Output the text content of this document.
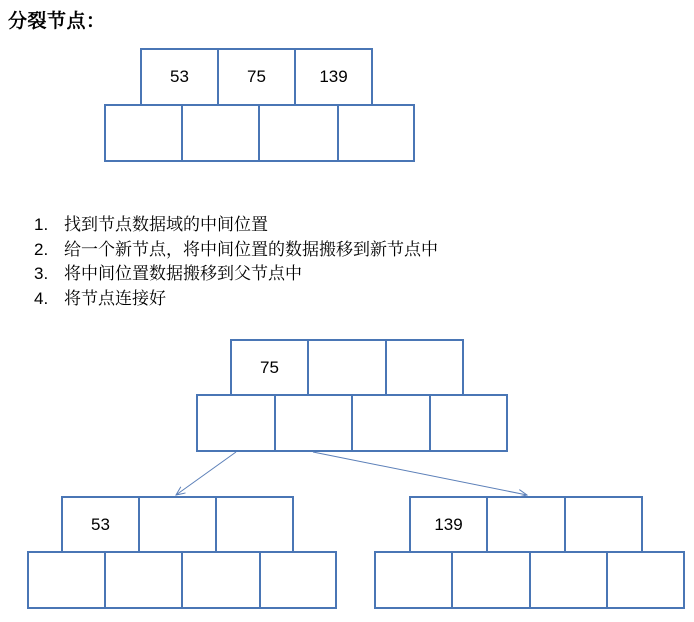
分裂节点：
53	75	139
1. 找到节点数据域的中间位置
2. 给一个新节点，将中间位置的数据搬移到新节点中
3. 将中间位置数据搬移到父节点中
4. 将节点连接好
75
53	139
